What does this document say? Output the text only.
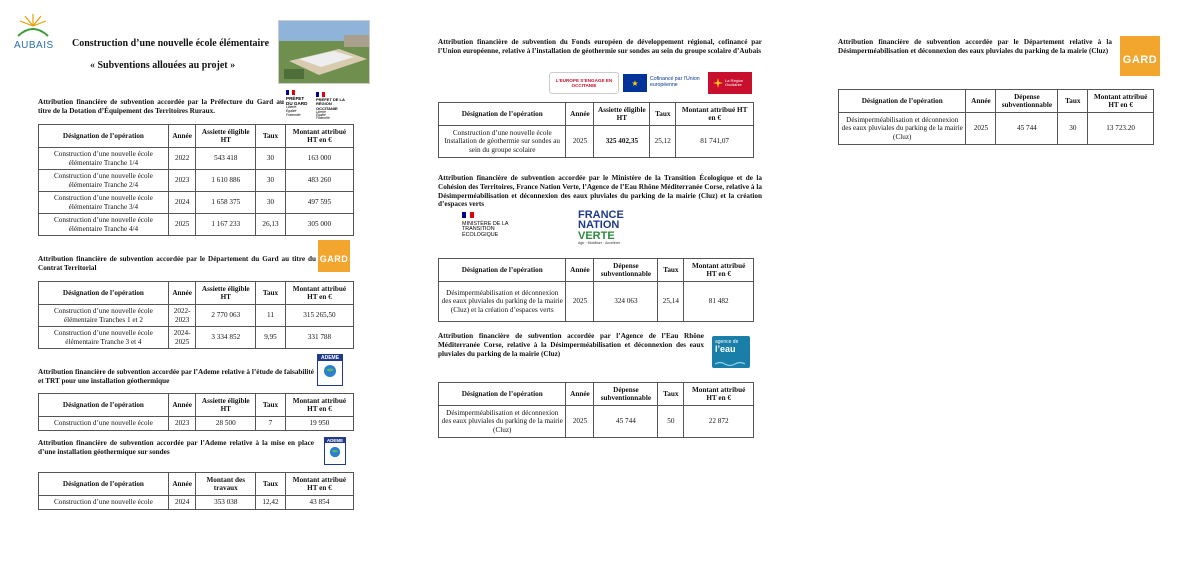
AUBAIS Construction d’une nouvelle école élémentaire
« Subventions allouées au projet »
Attribution financière de subvention accordée par la Préfecture du Gard au titre de la Dotation d’Équipement des Territoires Ruraux.
PRÉFET DU GARD
Liberté Égalité Fraternité
PRÉFET DE LA RÉGION OCCITANIE
Liberté Égalité Fraternité
Désignation de l’opération	Année	Assiette éligible HT	Taux	Montant attribué HT en €
Construction d’une nouvelle école élémentaire Tranche 1/4	2022	543 418	30	163 000
Construction d’une nouvelle école élémentaire Tranche 2/4	2023	1 610 886	30	483 260
Construction d’une nouvelle école élémentaire Tranche 3/4	2024	1 658 375	30	497 595
Construction d’une nouvelle école élémentaire Tranche 4/4	2025	1 167 233	26,13	305 000
Attribution financière de subvention accordée par le Département du Gard au titre du Contrat Territorial
GARD
Désignation de l’opération	Année	Assiette éligible HT	Taux	Montant attribué HT en €
Construction d’une nouvelle école élémentaire Tranches 1 et 2	2022-2023	2 770 063	11	315 265,50
Construction d’une nouvelle école élémentaire Tranche 3 et 4	2024-2025	3 334 852	9,95	331 788
Attribution financière de subvention accordée par l’Ademe relative à l’étude de faisabilité et TRT pour une installation géothermique
ADEME
Désignation de l’opération	Année	Assiette éligible HT	Taux	Montant attribué HT en €
Construction d’une nouvelle école	2023	28 500	7	19 950
Attribution financière de subvention accordée par l’Ademe relative à la mise en place d’une installation géothermique sur sondes
ADEME
Désignation de l’opération	Année	Montant des travaux	Taux	Montant attribué HT en €
Construction d’une nouvelle école	2024	353 038	12,42	43 854
Attribution financière de subvention du Fonds européen de développement régional, cofinancé par l’Union européenne, relative à l’installation de géothermie sur sondes au sein du groupe scolaire d’Aubais
L’EUROPE S’ENGAGE EN OCCITANIE	★	Cofinancé par l’Union européenne
La Région Occitanie
Désignation de l’opération	Année	Assiette éligible HT	Taux	Montant attribué HT en €
Construction d’une nouvelle école Installation de géothermie sur sondes au sein du groupe scolaire	2025	325 402,35	25,12	81 741,07
Attribution financière de subvention accordée par le Ministère de la Transition Écologique et de la Cohésion des Territoires, France Nation Verte, l’Agence de l’Eau Rhône Méditerranée Corse, relative à la Désimperméabilisation et déconnexion des eaux pluviales du parking de la mairie (Cluz) et la création d’espaces verts
MINISTÈRE DE LA TRANSITION ÉCOLOGIQUE
FRANCE
NATION
VERTE
Agir · Mobiliser · Accélérer
Désignation de l’opération	Année	Dépense subventionnable	Taux	Montant attribué HT en €
Désimperméabilisation et déconnexion des eaux pluviales du parking de la mairie (Cluz) et la création d’espaces verts	2025	324 063	25,14	81 482
Attribution financière de subvention accordée par l’Agence de l’Eau Rhône Méditerranée Corse, relative à la Désimperméabilisation et déconnexion des eaux pluviales du parking de la mairie (Cluz)
agence de
l’eau
Désignation de l’opération	Année	Dépense subventionnable	Taux	Montant attribué HT en €
Désimperméabilisation et déconnexion des eaux pluviales du parking de la mairie (Cluz)	2025	45 744	50	22 872
Attribution financière de subvention accordée par le Département relative à la Désimperméabilisation et déconnexion des eaux pluviales du parking de la mairie (Cluz)
GARD
Désignation de l’opération	Année	Dépense subventionnable	Taux	Montant attribué HT en €
Désimperméabilisation et déconnexion des eaux pluviales du parking de la mairie (Cluz)	2025	45 744	30	13 723.20
